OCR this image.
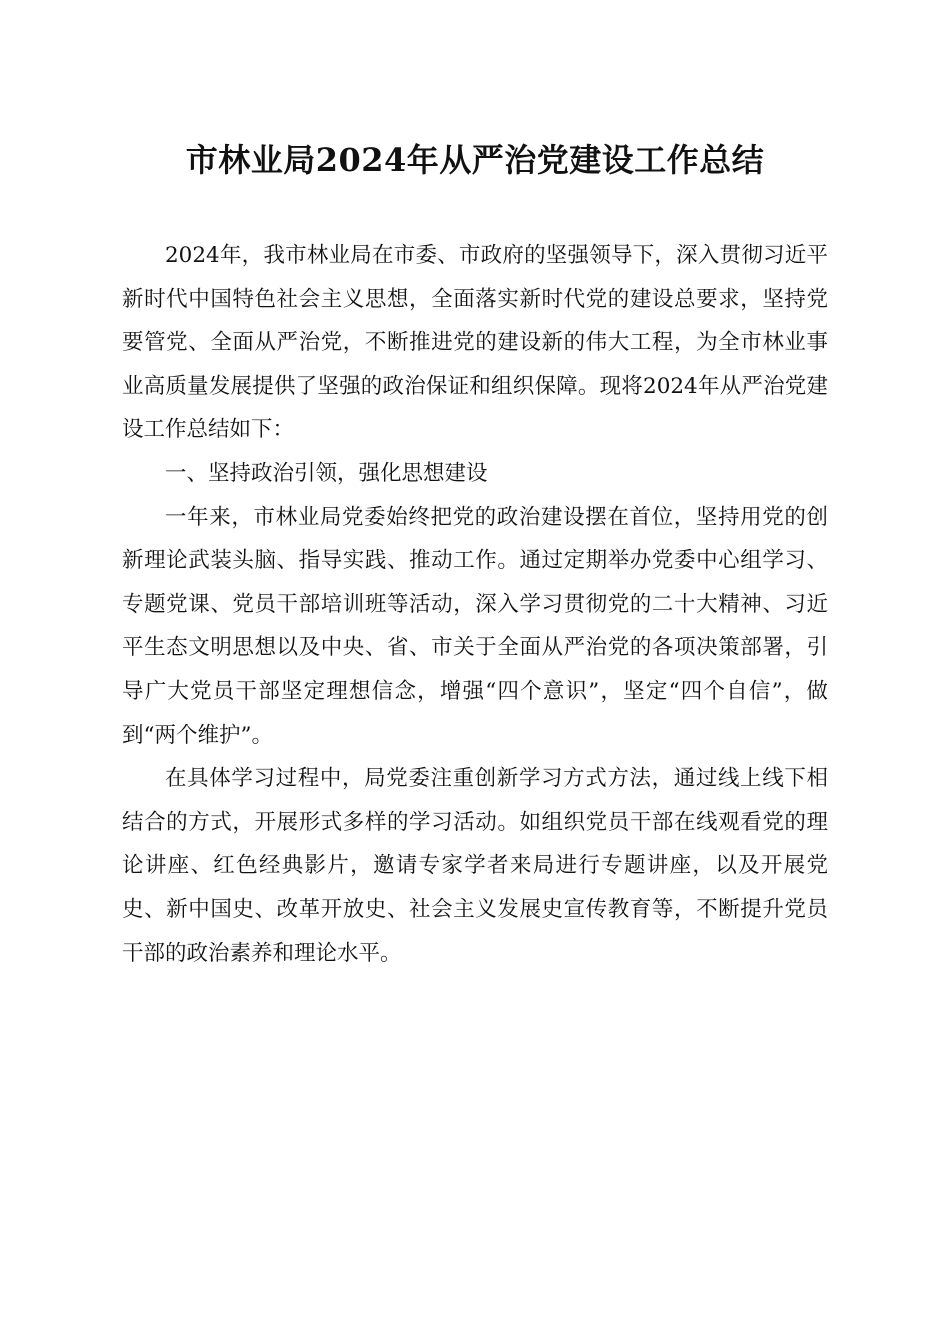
市林业局2024年从严治党建设工作总结

2024年，我市林业局在市委、市政府的坚强领导下，深入贯彻习近平新时代中国特色社会主义思想，全面落实新时代党的建设总要求，坚持党要管党、全面从严治党，不断推进党的建设新的伟大工程，为全市林业事业高质量发展提供了坚强的政治保证和组织保障。现将2024年从严治党建设工作总结如下：

一、坚持政治引领，强化思想建设

一年来，市林业局党委始终把党的政治建设摆在首位，坚持用党的创新理论武装头脑、指导实践、推动工作。通过定期举办党委中心组学习、专题党课、党员干部培训班等活动，深入学习贯彻党的二十大精神、习近平生态文明思想以及中央、省、市关于全面从严治党的各项决策部署，引导广大党员干部坚定理想信念，增强“四个意识”，坚定“四个自信”，做到“两个维护”。

在具体学习过程中，局党委注重创新学习方式方法，通过线上线下相结合的方式，开展形式多样的学习活动。如组织党员干部在线观看党的理论讲座、红色经典影片，邀请专家学者来局进行专题讲座，以及开展党史、新中国史、改革开放史、社会主义发展史宣传教育等，不断提升党员干部的政治素养和理论水平。
